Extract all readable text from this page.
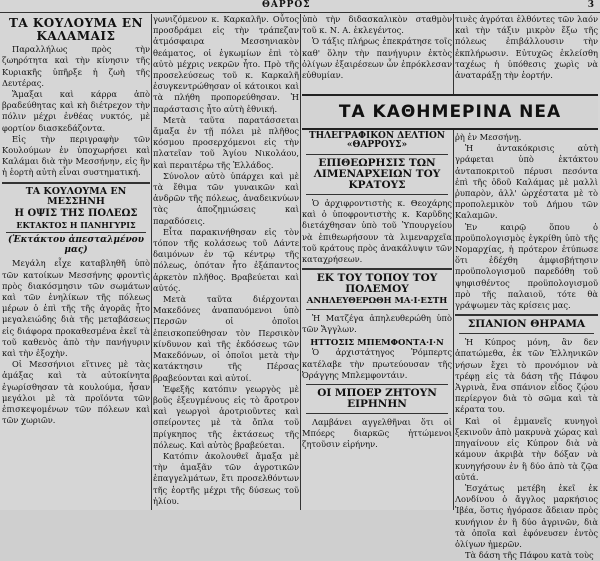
ΘΑΡΡΟΣ	3
ΤΑ ΚΟΥΛΟΥΜΑ ΕΝ ΚΑΛΑΜΑΙΣ

Παραλλήλως πρὸς τὴν ζωηρότητα καὶ τὴν κίνησιν τῆς Κυριακῆς ὑπῆρξε ἡ ζωὴ τῆς Δευτέρας.

Ἅμαξαι καὶ κάρρα ἀπὸ βραδεύθητας καὶ κὴ διέτρεχον τὴν πόλιν μέχρι ἐνθέας νυκτός, μὲ φορτίον διασκεδάζοντα.

Εἰς τὴν περιγραφὴν τῶν Κουλούμων ἐν ὑποχωρήσει καὶ Καλάμαι διὰ τὴν Μεσσήνην, εἰς ἣν ἡ ἑορτὴ αὐτὴ εἶναι συστηματική.

ΤΑ ΚΟΥΛΟΥΜΑ ΕΝ ΜΕΣΣΗΝΗ
Η ΟΨΙΣ ΤΗΣ ΠΟΛΕΩΣ
ΕΚΤΑΚΤΟΣ Η ΠΑΝΗΓΥΡΙΣ
(Ἐκτάκτου ἀπεσταλμένου μας)

Μεγάλη εἶχε καταβληθῆ ὑπὸ τῶν κατοίκων Μεσσήνης φροντὶς πρὸς διακόσμησιν τῶν σωμάτων καὶ τῶν ἐνηλίκων τῆς πόλεως μέρων ὁ ἐπὶ τῆς τῆς ἀγορᾶς ἦτο μεγαλειώδης διὰ τῆς μεταβάσεως εἰς διάφορα προκαθεσμένα ἐκεῖ τὰ τοῦ καθενὸς ἀπὸ τὴν πανήγυριν καὶ τὴν ἐξοχὴν.

Οἱ Μεσσήνιοι εἴτινες μὲ τὰς ἀμάξας καὶ τὰ αὐτοκίνητα ἐγωρίσθησαν τὰ κουλούμα, ἦσαν μεγάλοι μὲ τὰ προϊόντα τῶν ἐπισκεψομένων τῶν πόλεων καὶ τῶν χωριῶν.

γωνιζόμενον κ. Καρκαλῆν. Οὗτος προσδράμει εἰς τὴν τράπεζαν ἀτμόσφαιρα Μεσσηνιακὸν θεάματος, οἱ ἐγκωμίων ἐπὶ τὸ αὐτὸ μέχρις νεκρῶν ἦτο. Πρὸ τῆς προσελεύσεως τοῦ κ. Καρκαλῆ ἐσυγκεντρώθησαν οἱ κάτοικοι καὶ τὰ πλήθη προπορεύθησαν. Ἡ παράστασις ἦτο αὐτὴ ἐθνική.

Μετὰ ταῦτα παρατάσσεται ἄμαξα ἐν τῇ πόλει μὲ πλῆθος κόσμου προσερχόμενοι εἰς τὴν πλατεῖαν τοῦ Ἁγίου Νικολάου, καὶ περαιτέρω τῆς Ἑλλάδος.

Σύνολον αὐτὸ ὑπάρχει καὶ μὲ τὰ ἔθιμα τῶν γυναικῶν καὶ ἀνδρῶν τῆς πόλεως, ἀναδεικνύων τὰς ἀποζημιώσεις καὶ παραδόσεις.

Εἶτα παρακινήθησαν εἰς τὸν τόπον τῆς κολάσεως τοῦ Δάντε δαιμόνων ἐν τῷ κέντρῳ τῆς πόλεως, ὁπόταν ἦτο ἐξάπαντος ἀρκετὸν πλῆθος. Βραβεύεται καὶ αὐτός.

Μετὰ ταῦτα διέρχονται Μακεδόνες ἀναπαυόμενοι ὑπὸ Περσῶν οἱ ὁποῖοι ἐπεισκοπεύθησαν τὸν Περσικὸν κίνδυνον καὶ τῆς ἐκδόσεως τῶν Μακεδόνων, οἱ ὁποῖοι μετὰ τὴν κατάκτησιν τῆς Πέρσας βραβεύονται καὶ αὐτοί.

Ἐφεξῆς κατόπιν γεωργὸς μὲ βοῦς ἐξευγμένους εἰς τὸ ἄροτρον καὶ γεωργοὶ ἀροτριοῦντες καὶ σπείροντες μὲ τὰ ὄπλα τοῦ πρίγκηπος τῆς ἐκτάσεως τῆς πόλεως. Καὶ αὐτὸς βραβεύεται.

Κατόπιν ἀκολουθεῖ ἄμαξα μὲ τὴν ἀμαξᾶν τῶν ἀγροτικῶν ἐπαγγελμάτων, ἔτι προσελθόντων τῆς ἑορτῆς μέχρι τῆς δύσεως τοῦ ἡλίου.

ὑπὸ τὴν διδασκαλικὸν σταθμὸν τοῦ κ. Ν. Α. ἐκλεγέντος.

Ὁ τάξις πλήρως ἐπεκράτησε τοῖς καθ' ὅλην τὴν πανήγυριν ἐκτὸς ὀλίγων ἐξαιρέσεων ὧν ἐπρόκλεσαν εὐθυμίαν.

τινὲς ἀγρόται ἐλθόντες τῶν λαόν καὶ τὴν τάξιν μικρὸν ἔξω τῆς πόλεως ἐπιβάλλουσιν τὴν ἐκπλήρωσιν. Εὐτυχῶς ἐκλείσθη ταχέως ἡ ὑπόθεσις χωρὶς νὰ ἀναταράξῃ τὴν ἑορτήν.

ΤΑ ΚΑΘΗΜΕΡΙΝΑ ΝΕΑ
ΤΗΛΕΓΡΑΦΙΚΟΝ ΔΕΛΤΙΟΝ «ΘΑΡΡΟΥΣ»
ΕΠΙΘΕΩΡΗΣΙΣ ΤΩΝ ΛΙΜΕΝΑΡΧΕΙΩΝ ΤΟΥ ΚΡΑΤΟΥΣ

Ὁ ἀρχιφροντιστὴς κ. Θεοχάρης καὶ ὁ ὑποφροντιστὴς κ. Καρῦδης διετάχθησαν ὑπὸ τοῦ Ὑπουργείου νὰ ἐπιθεωρήσουν τὰ λιμεναρχεῖα τοῦ κράτους πρὸς ἀνακάλυψιν τῶν καταχρήσεων.

ΕΚ ΤΟΥ ΤΟΠΟΥ ΤΟΥ ΠΟΛΕΜΟΥ
ΑΝΗΛΕΥΘΕΡΩΘΗ ΜΑ·Ι·ΕΣΤΗ

Ἡ Ματζέγα ἀπηλευθερώθη ὑπὸ τῶν Ἄγγλων.

ΗΤΤΟΣΙΣ ΜΠΕΜΦΟΝΤΑ·Ι·Ν

Ὁ ἀρχιστάτηγος Ῥόμπερτς κατέλαβε τὴν πρωτεύουσαν τῆς Ὀράγγης Μπλεμφοντάιν.

ΟΙ ΜΠΟΕΡ ΖΗΤΟΥΝ ΕΙΡΗΝΗΝ

Λαμβάνει αγγελθῆναι ὅτι οἱ Μπόερς διαρκῶς ἡττώμενοι ζητοῦσιν εἰρήνην.

ῥὴ ἐν Μεσσήνῃ.

Ἡ ἀντακόκρισις αὐτὴ γράφεται ὑπὸ ἐκτάκτου ἀνταποκριτοῦ πέρυσι πεσόντα ἐπὶ τῆς ὁδοῦ Καλάμας μὲ μαλλὶ ῥυπαρὸν, ἀλλ' ὠρχέστατα μὲ τὸ προπολεμικὸν τοῦ Δήμου τῶν Καλαμῶν.

Ἐν καιρῷ ὅπου ὁ προϋπολογισμὸς ἐγκρίθη ὑπὸ τῆς Νομαρχίας, ἡ πρότερον ἐτύπωσε ὅτι ἐδέχθη ἀμφισβήτησιν προϋπολογισμοῦ παρεδόθη τοῦ ψηφισθέντος προϋπολογισμοῦ πρὸ τῆς παλαιοῦ, τότε θὰ γράψωμεν τὰς κρίσεις μας.

ΣΠΑΝΙΟΝ ΘΗΡΑΜΑ

Ἡ Κύπρος μόνη, ἂν δεν ἀπατώμεθα, ἐκ τῶν Ἑλληνικῶν νήσων ἔχει τὸ προνόμιον νὰ τρέφῃ εἰς τὰ δάση τῆς Πάφου Ἀγρινὰ, ἕνα σπάνιον εἶδος ζῴου περίεργον διὰ τὸ σῶμα καὶ τὰ κέρατα του.

Καὶ οἱ ἐμμανεῖς κυνηγοὶ ξεκινοῦν ἀπὸ μακρυνὰ χώρας καὶ πηγαίνουν εἰς Κύπρον διὰ νὰ κάμουν ἀκριβὰ τὴν δόξαν νὰ κυνηγήσουν ἐν ἢ δύο ἀπὸ τὰ ζῷα αὐτά.

Ἐσχάτως μετέβη ἐκεῖ ἐκ Λονδίνου ὁ ἄγγλος μαρκήσιος Ἰβέα, ὅστις ἠγόρασε ἄδειαν πρὸς κυνήγιον ἐν ἢ δύο ἀγρινῶν, διὰ τὰ ὁποῖα καὶ ἐφόνευσεν ἐντὸς ὀλίγων ἡμερῶν.

Τὰ δάση τῆς Πάφου κατὰ τοὺς
